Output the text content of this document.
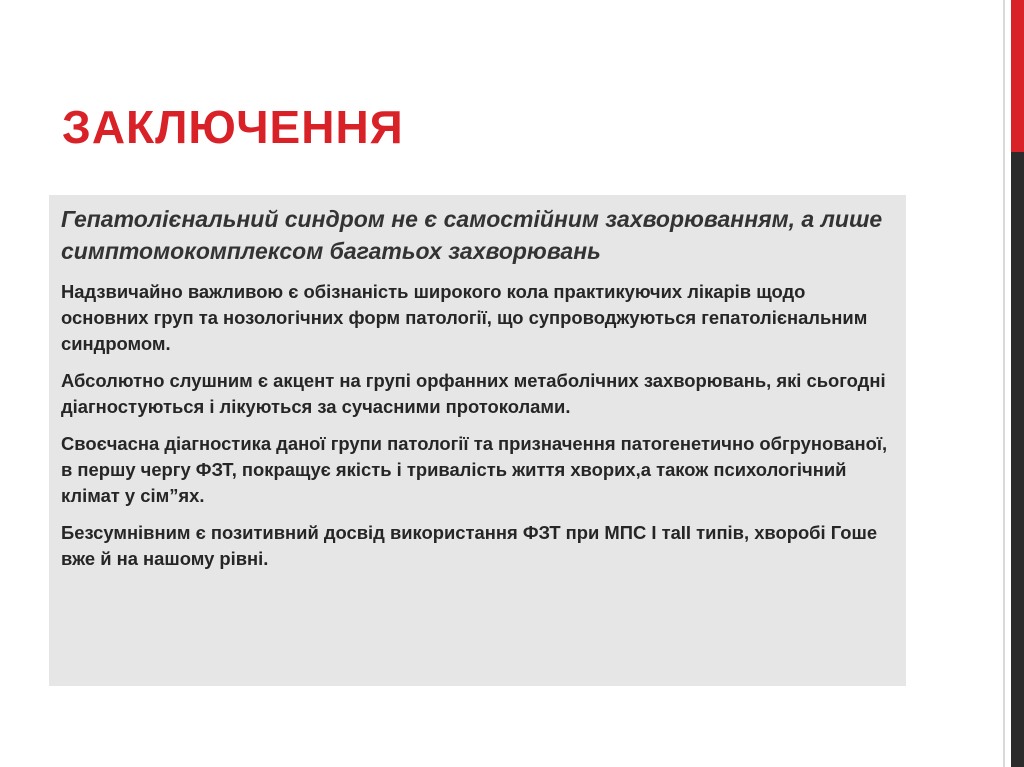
ЗАКЛЮЧЕННЯ

Гепатолієнальний синдром не є самостійним захворюванням, а лише симптомокомплексом багатьох захворювань

Надзвичайно важливою є обізнаність широкого кола практикуючих лікарів щодо основних груп та нозологічних форм патології, що супроводжуються гепатолієнальним синдромом.

Абсолютно слушним є акцент на групі орфанних метаболічних захворювань, які сьогодні діагностуються і лікуються за сучасними протоколами.

Своєчасна діагностика даної групи патології та призначення патогенетично обгрунованої, в першу чергу ФЗТ, покращує якість і тривалість життя хворих,а також психологічний клімат у сім”ях.

Безсумнівним є позитивний досвід використання ФЗТ при МПС I таII типів, хворобі Гоше вже й на нашому рівні.
